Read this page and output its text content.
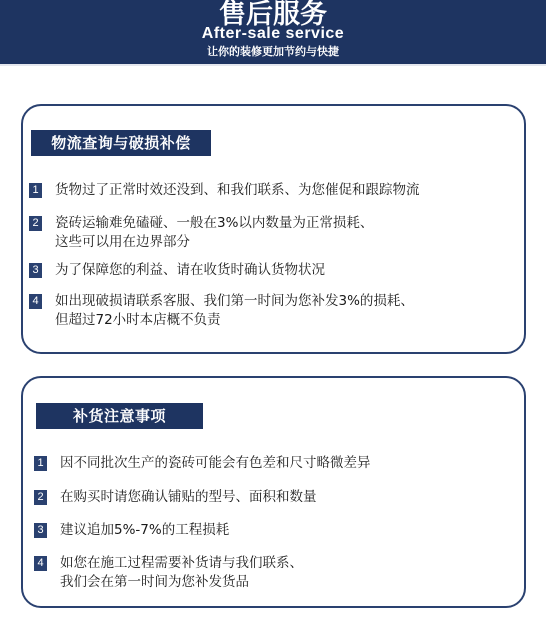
售后服务
After-sale service
让你的装修更加节约与快捷
物流查询与破损补偿
1 货物过了正常时效还没到、和我们联系、为您催促和跟踪物流
2 瓷砖运输难免磕碰、一般在3%以内数量为正常损耗、
这些可以用在边界部分
3 为了保障您的利益、请在收货时确认货物状况
4 如出现破损请联系客服、我们第一时间为您补发3%的损耗、
但超过72小时本店概不负责
补货注意事项
1 因不同批次生产的瓷砖可能会有色差和尺寸略微差异
2 在购买时请您确认铺贴的型号、面积和数量
3 建议追加5%-7%的工程损耗
4 如您在施工过程需要补货请与我们联系、
我们会在第一时间为您补发货品
